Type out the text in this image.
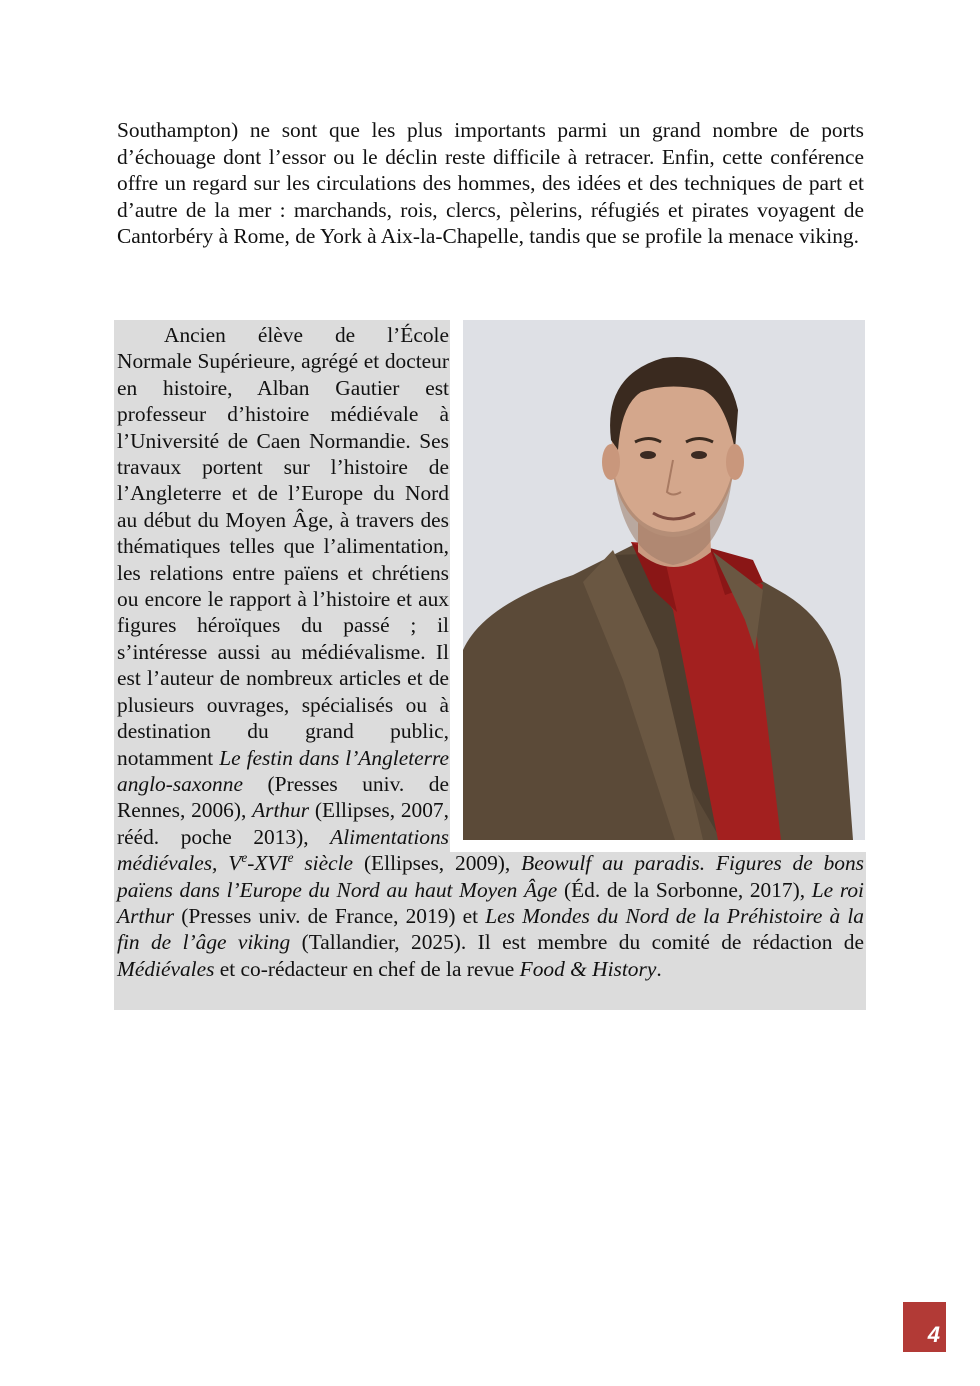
Southampton) ne sont que les plus importants parmi un grand nombre de ports d’échouage dont l’essor ou le déclin reste difficile à retracer. Enfin, cette conférence offre un regard sur les circulations des hommes, des idées et des techniques de part et d’autre de la mer : marchands, rois, clercs, pèlerins, réfugiés et pirates voyagent de Cantorbéry à Rome, de York à Aix-la-Chapelle, tandis que se profile la menace viking.

Ancien élève de l’École Normale Supérieure, agrégé et docteur en histoire, Alban Gautier est professeur d’histoire médiévale à l’Université de Caen Normandie. Ses travaux portent sur l’histoire de l’Angleterre et de l’Europe du Nord au début du Moyen Âge, à travers des thématiques telles que l’alimentation, les relations entre païens et chrétiens ou encore le rapport à l’histoire et aux figures héroïques du passé ; il s’intéresse aussi au médiévalisme. Il est l’auteur de nombreux articles et de plusieurs ouvrages, spécialisés ou à destination du grand public, notamment Le festin dans l’Angleterre anglo-saxonne (Presses univ. de Rennes, 2006), Arthur (Ellipses, 2007, rééd. poche 2013), Alimentations médiévales, Ve-XVIe siècle (Ellipses, 2009), Beowulf au paradis. Figures de bons païens dans l’Europe du Nord au haut Moyen Âge (Éd. de la Sorbonne, 2017), Le roi Arthur (Presses univ. de France, 2019) et Les Mondes du Nord de la Préhistoire à la fin de l’âge viking (Tallandier, 2025). Il est membre du comité de rédaction de Médiévales et co-rédacteur en chef de la revue Food & History.

4
